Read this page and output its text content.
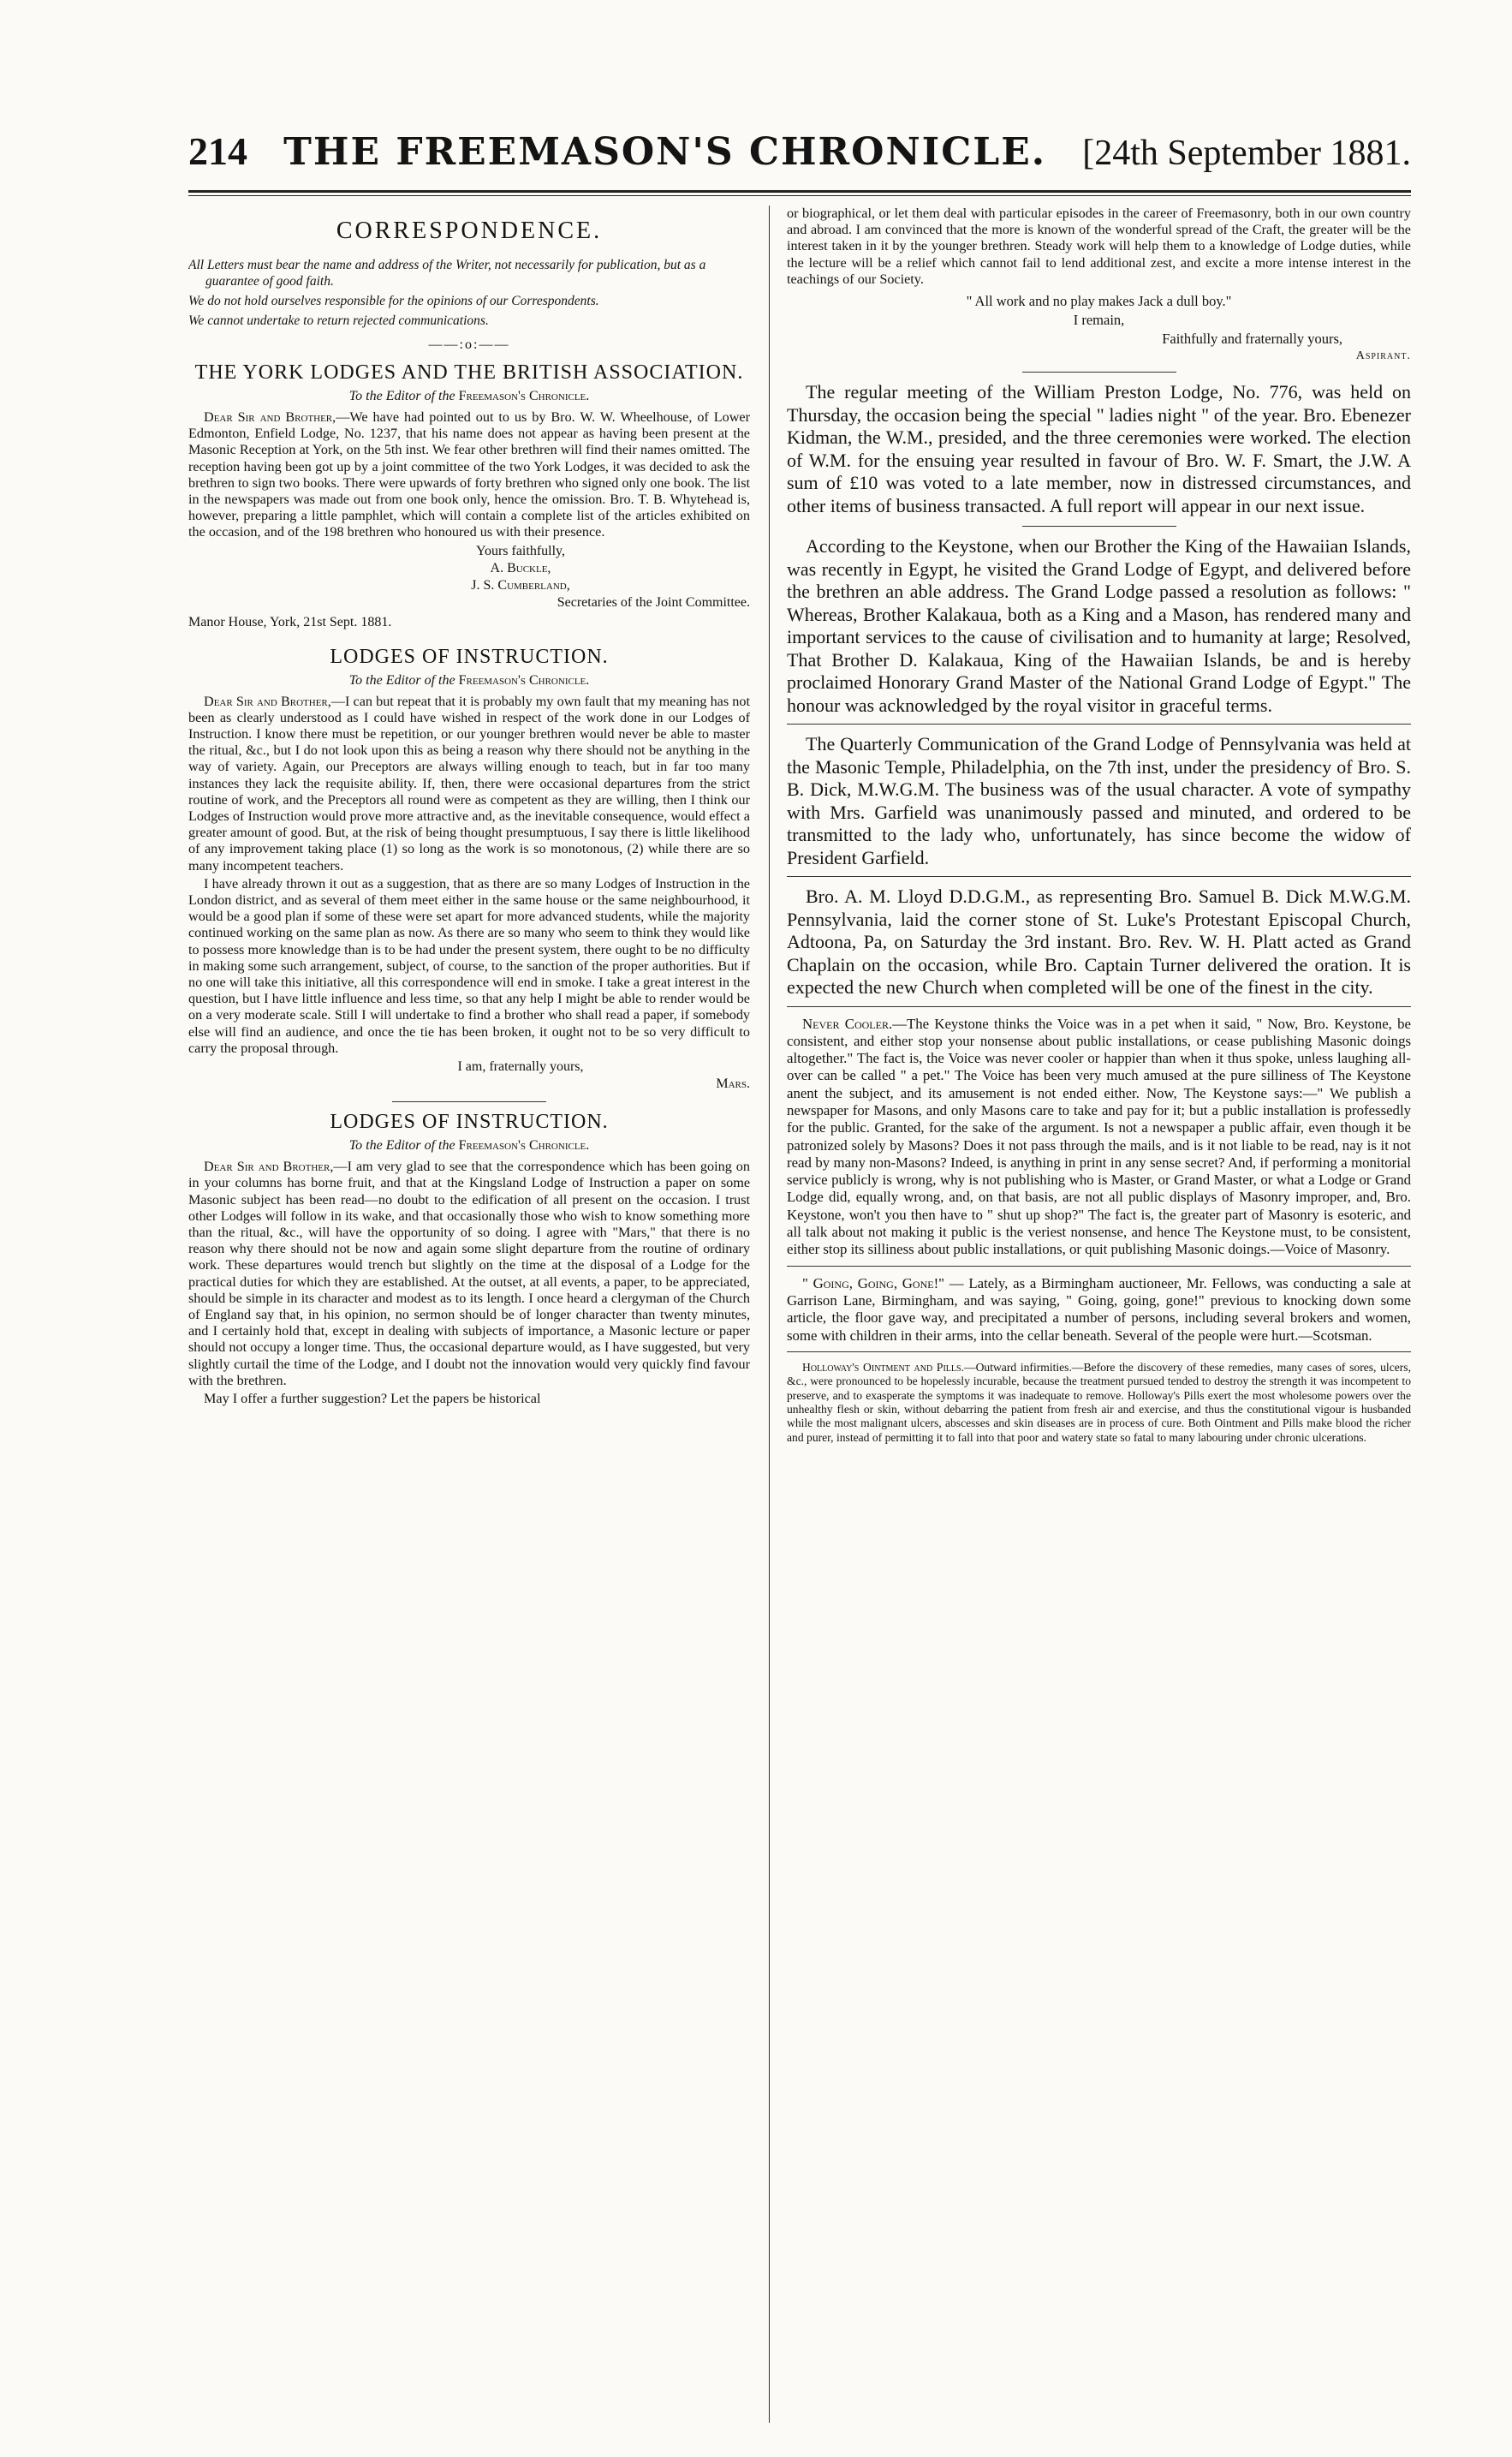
214 THE FREEMASON'S CHRONICLE. [24th September 1881.
CORRESPONDENCE.

All Letters must bear the name and address of the Writer, not necessarily for publication, but as a guarantee of good faith.

We do not hold ourselves responsible for the opinions of our Correspondents.

We cannot undertake to return rejected communications.

——:o:——
THE YORK LODGES AND THE BRITISH ASSOCIATION.
To the Editor of the Freemason's Chronicle.

Dear Sir and Brother,—We have had pointed out to us by Bro. W. W. Wheelhouse, of Lower Edmonton, Enfield Lodge, No. 1237, that his name does not appear as having been present at the Masonic Reception at York, on the 5th inst. We fear other brethren will find their names omitted. The reception having been got up by a joint committee of the two York Lodges, it was decided to ask the brethren to sign two books. There were upwards of forty brethren who signed only one book. The list in the newspapers was made out from one book only, hence the omission. Bro. T. B. Whytehead is, however, preparing a little pamphlet, which will contain a complete list of the articles exhibited on the occasion, and of the 198 brethren who honoured us with their presence.

Yours faithfully,

A. Buckle,

J. S. Cumberland,

Secretaries of the Joint Committee.

Manor House, York, 21st Sept. 1881.

LODGES OF INSTRUCTION.
To the Editor of the Freemason's Chronicle.

Dear Sir and Brother,—I can but repeat that it is probably my own fault that my meaning has not been as clearly understood as I could have wished in respect of the work done in our Lodges of Instruction. I know there must be repetition, or our younger brethren would never be able to master the ritual, &c., but I do not look upon this as being a reason why there should not be anything in the way of variety. Again, our Preceptors are always willing enough to teach, but in far too many instances they lack the requisite ability. If, then, there were occasional departures from the strict routine of work, and the Preceptors all round were as competent as they are willing, then I think our Lodges of Instruction would prove more attractive and, as the inevitable consequence, would effect a greater amount of good. But, at the risk of being thought presumptuous, I say there is little likelihood of any improvement taking place (1) so long as the work is so monotonous, (2) while there are so many incompetent teachers.

I have already thrown it out as a suggestion, that as there are so many Lodges of Instruction in the London district, and as several of them meet either in the same house or the same neighbourhood, it would be a good plan if some of these were set apart for more advanced students, while the majority continued working on the same plan as now. As there are so many who seem to think they would like to possess more knowledge than is to be had under the present system, there ought to be no difficulty in making some such arrangement, subject, of course, to the sanction of the proper authorities. But if no one will take this initiative, all this correspondence will end in smoke. I take a great interest in the question, but I have little influence and less time, so that any help I might be able to render would be on a very moderate scale. Still I will undertake to find a brother who shall read a paper, if somebody else will find an audience, and once the tie has been broken, it ought not to be so very difficult to carry the proposal through.

I am, fraternally yours,

Mars.

LODGES OF INSTRUCTION.
To the Editor of the Freemason's Chronicle.

Dear Sir and Brother,—I am very glad to see that the correspondence which has been going on in your columns has borne fruit, and that at the Kingsland Lodge of Instruction a paper on some Masonic subject has been read—no doubt to the edification of all present on the occasion. I trust other Lodges will follow in its wake, and that occasionally those who wish to know something more than the ritual, &c., will have the opportunity of so doing. I agree with "Mars," that there is no reason why there should not be now and again some slight departure from the routine of ordinary work. These departures would trench but slightly on the time at the disposal of a Lodge for the practical duties for which they are established. At the outset, at all events, a paper, to be appreciated, should be simple in its character and modest as to its length. I once heard a clergyman of the Church of England say that, in his opinion, no sermon should be of longer character than twenty minutes, and I certainly hold that, except in dealing with subjects of importance, a Masonic lecture or paper should not occupy a longer time. Thus, the occasional departure would, as I have suggested, but very slightly curtail the time of the Lodge, and I doubt not the innovation would very quickly find favour with the brethren.

May I offer a further suggestion? Let the papers be historical

or biographical, or let them deal with particular episodes in the career of Freemasonry, both in our own country and abroad. I am convinced that the more is known of the wonderful spread of the Craft, the greater will be the interest taken in it by the younger brethren. Steady work will help them to a knowledge of Lodge duties, while the lecture will be a relief which cannot fail to lend additional zest, and excite a more intense interest in the teachings of our Society.

" All work and no play makes Jack a dull boy."

I remain,

Faithfully and fraternally yours,

Aspirant.

The regular meeting of the William Preston Lodge, No. 776, was held on Thursday, the occasion being the special " ladies night " of the year. Bro. Ebenezer Kidman, the W.M., presided, and the three ceremonies were worked. The election of W.M. for the ensuing year resulted in favour of Bro. W. F. Smart, the J.W. A sum of £10 was voted to a late member, now in distressed circumstances, and other items of business transacted. A full report will appear in our next issue.

According to the Keystone, when our Brother the King of the Hawaiian Islands, was recently in Egypt, he visited the Grand Lodge of Egypt, and delivered before the brethren an able address. The Grand Lodge passed a resolution as follows: " Whereas, Brother Kalakaua, both as a King and a Mason, has rendered many and important services to the cause of civilisation and to humanity at large; Resolved, That Brother D. Kalakaua, King of the Hawaiian Islands, be and is hereby proclaimed Honorary Grand Master of the National Grand Lodge of Egypt." The honour was acknowledged by the royal visitor in graceful terms.

The Quarterly Communication of the Grand Lodge of Pennsylvania was held at the Masonic Temple, Philadelphia, on the 7th inst, under the presidency of Bro. S. B. Dick, M.W.G.M. The business was of the usual character. A vote of sympathy with Mrs. Garfield was unanimously passed and minuted, and ordered to be transmitted to the lady who, unfortunately, has since become the widow of President Garfield.

Bro. A. M. Lloyd D.D.G.M., as representing Bro. Samuel B. Dick M.W.G.M. Pennsylvania, laid the corner stone of St. Luke's Protestant Episcopal Church, Adtoona, Pa, on Saturday the 3rd instant. Bro. Rev. W. H. Platt acted as Grand Chaplain on the occasion, while Bro. Captain Turner delivered the oration. It is expected the new Church when completed will be one of the finest in the city.

Never Cooler.—The Keystone thinks the Voice was in a pet when it said, " Now, Bro. Keystone, be consistent, and either stop your nonsense about public installations, or cease publishing Masonic doings altogether." The fact is, the Voice was never cooler or happier than when it thus spoke, unless laughing all-over can be called " a pet." The Voice has been very much amused at the pure silliness of The Keystone anent the subject, and its amusement is not ended either. Now, The Keystone says:—" We publish a newspaper for Masons, and only Masons care to take and pay for it; but a public installation is professedly for the public. Granted, for the sake of the argument. Is not a newspaper a public affair, even though it be patronized solely by Masons? Does it not pass through the mails, and is it not liable to be read, nay is it not read by many non-Masons? Indeed, is anything in print in any sense secret? And, if performing a monitorial service publicly is wrong, why is not publishing who is Master, or Grand Master, or what a Lodge or Grand Lodge did, equally wrong, and, on that basis, are not all public displays of Masonry improper, and, Bro. Keystone, won't you then have to " shut up shop?" The fact is, the greater part of Masonry is esoteric, and all talk about not making it public is the veriest nonsense, and hence The Keystone must, to be consistent, either stop its silliness about public installations, or quit publishing Masonic doings.—Voice of Masonry.

" Going, Going, Gone!" — Lately, as a Birmingham auctioneer, Mr. Fellows, was conducting a sale at Garrison Lane, Birmingham, and was saying, " Going, going, gone!" previous to knocking down some article, the floor gave way, and precipitated a number of persons, including several brokers and women, some with children in their arms, into the cellar beneath. Several of the people were hurt.—Scotsman.

Holloway's Ointment and Pills.—Outward infirmities.—Before the discovery of these remedies, many cases of sores, ulcers, &c., were pronounced to be hopelessly incurable, because the treatment pursued tended to destroy the strength it was incompetent to preserve, and to exasperate the symptoms it was inadequate to remove. Holloway's Pills exert the most wholesome powers over the unhealthy flesh or skin, without debarring the patient from fresh air and exercise, and thus the constitutional vigour is husbanded while the most malignant ulcers, abscesses and skin diseases are in process of cure. Both Ointment and Pills make blood the richer and purer, instead of permitting it to fall into that poor and watery state so fatal to many labouring under chronic ulcerations.
